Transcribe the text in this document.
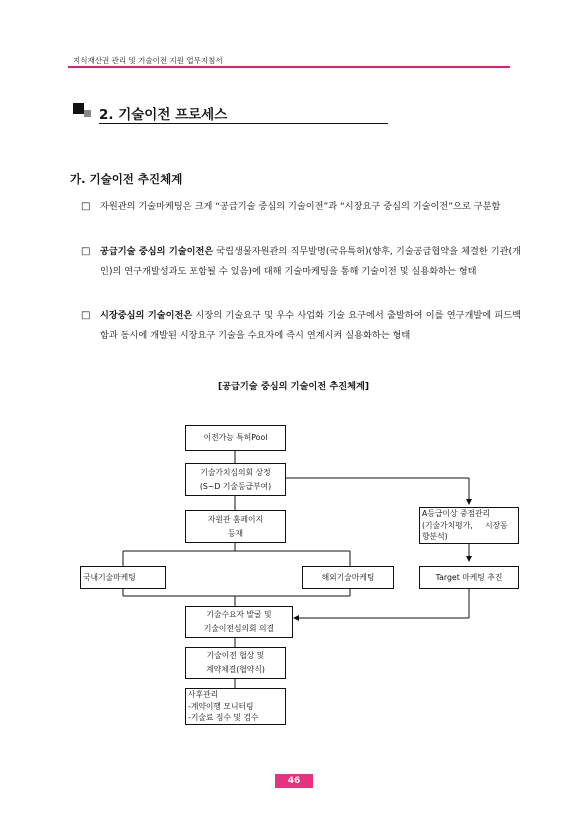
지식재산권 관리 및 기술이전 지원 업무지침서
2. 기술이전 프로세스
가. 기술이전 추진체계
□ 자원관의 기술마케팅은 크게 “공급기술 중심의 기술이전”과 “시장요구 중심의 기술이전”으로 구분함
□ 공급기술 중심의 기술이전은 국립생물자원관의 직무발명(국유특허)(향후, 기술공급협약을 체결한 기관(개인)의 연구개발성과도 포함될 수 있음)에 대해 기술마케팅을 통해 기술이전 및 실용화하는 형태
□ 시장중심의 기술이전은 시장의 기술요구 및 우수 사업화 기술 요구에서 출발하여 이를 연구개발에 피드백 함과 동시에 개발된 시장요구 기술을 수요자에 즉시 연계시켜 실용화하는 형태
[공급기술 중심의 기술이전 추진체계]
이전가능 특허Pool
기술가치심의회 상정
(S~D 기술등급부여)
자원관 홈페이지
등재
A등급이상 중점관리
(기술가치평가,     시장동
향분석)
국내기술마케팅	해외기술마케팅	Target 마케팅 추진
기술수요자 발굴 및
기술이전심의회 의결
기술이전 협상 및
계약체결(협약식)
사후관리
-계약이행 모니터링
-기술료 징수 및 검수
46
